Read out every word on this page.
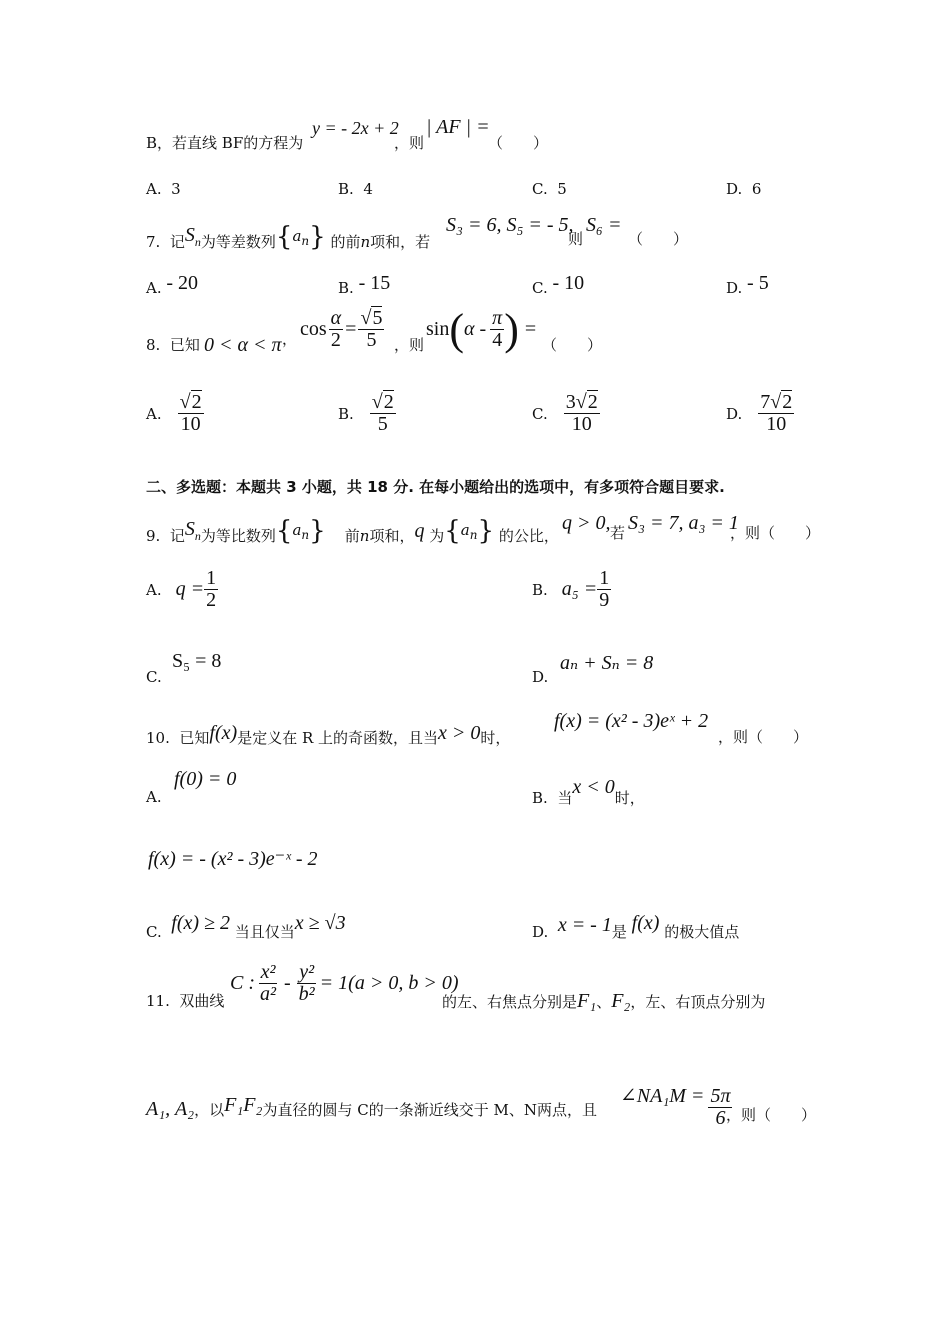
B，若直线 BF的方程为
y = - 2x + 2
，则
| AF | =
（　　）
A. 3	B. 4	C. 5	D. 6
7. 记$S_n$为等差数列$\{a_n\}$ 的前n项和，若
S₃ = 6, S₅ = - 5,
则
S₆ =
（　　）
A. - 20	B. - 15	C. - 10	D. - 5
8. 已知 0 < α < π ， $\cos \frac{\alpha}{2} = \frac{√5}{5}$ ，则
sin ( α - $\frac{\pi}{4}$ ) =
（　　）
A. $\frac{√2}{10}$	B. $\frac{√2}{5}$	C. $\frac{3√2}{10}$	D. $\frac{7√2}{10}$
二、多选题：本题共 3 小题，共 18 分. 在每小题给出的选项中，有多项符合题目要求.
9. 记$S_n$为等比数列$\{a_n\}$ 前n项和，q 为$\{a_n\}$ 的公比，
q > 0, 若 S₃ = 7, a₃ = 1
，则（　　）
A. $q = \frac{1}{2}$	B. $a_5 = \frac{1}{9}$
C.
S₅ = 8
D.
aₙ + Sₙ = 8
10. 已知f(x)是定义在 R 上的奇函数，且当x > 0时，
f(x) = (x² - 3)eˣ + 2
，则（　　）
A.
f(0) = 0
B. 当x < 0时，
f(x) = - (x² - 3)e⁻ˣ - 2
C. f(x) ≥ 2 当且仅当x ≥ √3	D. x = - 1是 f(x) 的极大值点
11. 双曲线
C : $\frac{\text{x²}}{\text{a²}} - \frac{\text{y²}}{\text{b²}} = 1(a > 0$, b > 0)
的左、右焦点分别是F₁、F₂，左、右顶点分别为
A₁, A₂，以F₁F₂为直径的圆与 C的一条渐近线交于 M、N两点，且
∠NA₁M = $\frac{5\pi}{6}$
，则（　　）
